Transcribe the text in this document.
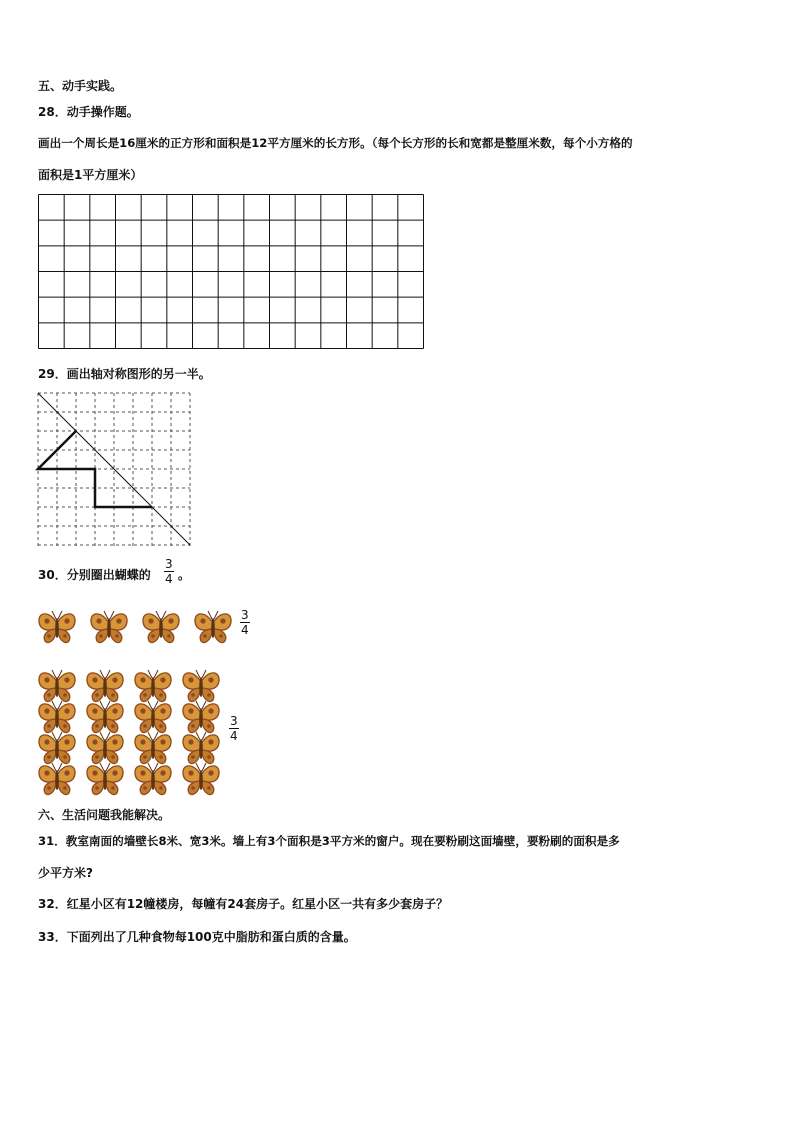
五、动手实践。
28．动手操作题。
画出一个周长是16厘米的正方形和面积是12平方厘米的长方形。（每个长方形的长和宽都是整厘米数，每个小方格的
面积是1平方厘米）
29．画出轴对称图形的另一半。
30．分别圈出蝴蝶的 $\frac{3}{4}$ 。
$\frac{3}{4}$
$\frac{3}{4}$
六、生活问题我能解决。
31．教室南面的墙壁长8米、宽3米。墙上有3个面积是3平方米的窗户。现在要粉刷这面墙壁，要粉刷的面积是多
少平方米?
32．红星小区有12幢楼房，每幢有24套房子。红星小区一共有多少套房子？
33．下面列出了几种食物每100克中脂肪和蛋白质的含量。
